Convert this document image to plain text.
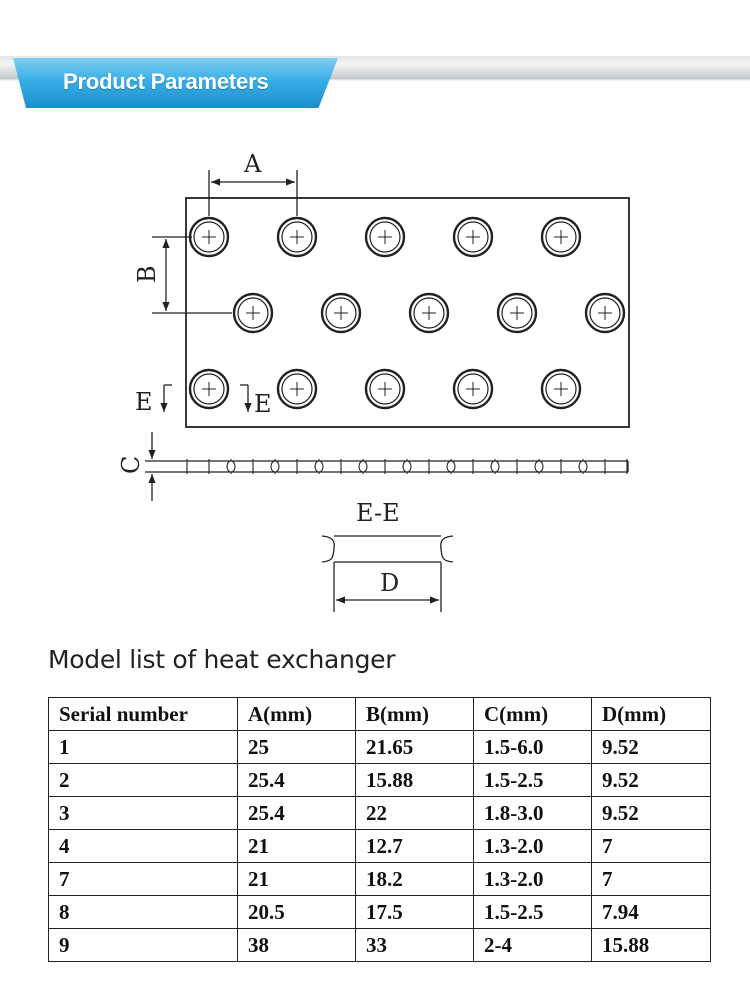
Product Parameters
A
B
C
E	E
E-E
D
Model list of heat exchanger
Serial number	A(mm)	B(mm)	C(mm)	D(mm)
1	25	21.65	1.5-6.0	9.52
2	25.4	15.88	1.5-2.5	9.52
3	25.4	22	1.8-3.0	9.52
4	21	12.7	1.3-2.0	7
7	21	18.2	1.3-2.0	7
8	20.5	17.5	1.5-2.5	7.94
9	38	33	2-4	15.88
